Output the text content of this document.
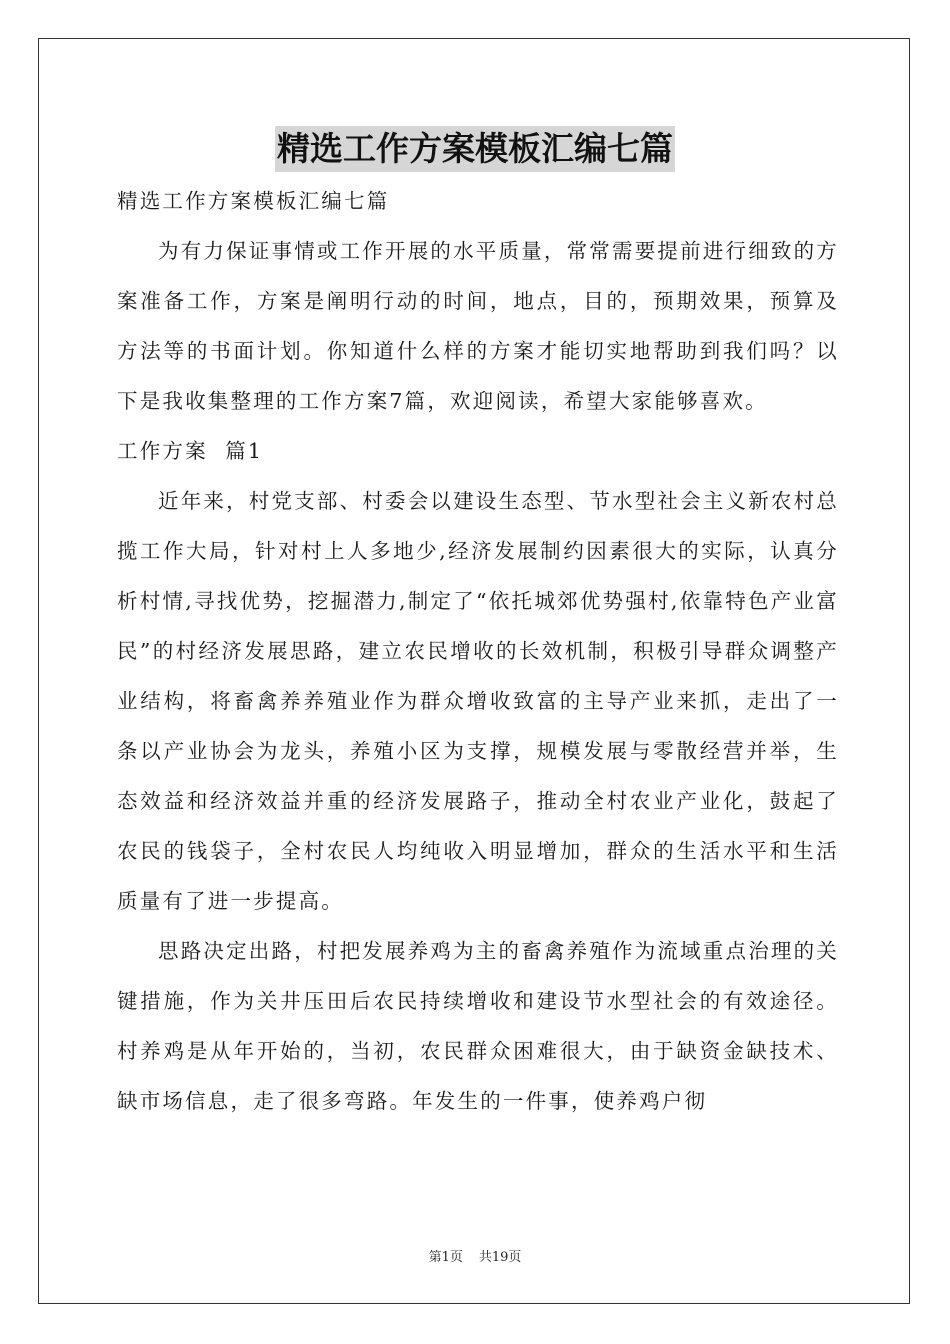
精选工作方案模板汇编七篇

精选工作方案模板汇编七篇

为有力保证事情或工作开展的水平质量，常常需要提前进行细致的方案准备工作，方案是阐明行动的时间，地点，目的，预期效果，预算及方法等的书面计划。你知道什么样的方案才能切实地帮助到我们吗？以下是我收集整理的工作方案7篇，欢迎阅读，希望大家能够喜欢。

工作方案  篇1

近年来，村党支部、村委会以建设生态型、节水型社会主义新农村总揽工作大局，针对村上人多地少,经济发展制约因素很大的实际，认真分析村情,寻找优势，挖掘潜力,制定了“依托城郊优势强村,依靠特色产业富民”的村经济发展思路，建立农民增收的长效机制，积极引导群众调整产业结构，将畜禽养养殖业作为群众增收致富的主导产业来抓，走出了一条以产业协会为龙头，养殖小区为支撑，规模发展与零散经营并举，生态效益和经济效益并重的经济发展路子，推动全村农业产业化，鼓起了农民的钱袋子，全村农民人均纯收入明显增加，群众的生活水平和生活质量有了进一步提高。

思路决定出路，村把发展养鸡为主的畜禽养殖作为流域重点治理的关键措施，作为关井压田后农民持续增收和建设节水型社会的有效途径。村养鸡是从年开始的，当初，农民群众困难很大，由于缺资金缺技术、缺市场信息，走了很多弯路。年发生的一件事，使养鸡户彻

第1页 共19页
